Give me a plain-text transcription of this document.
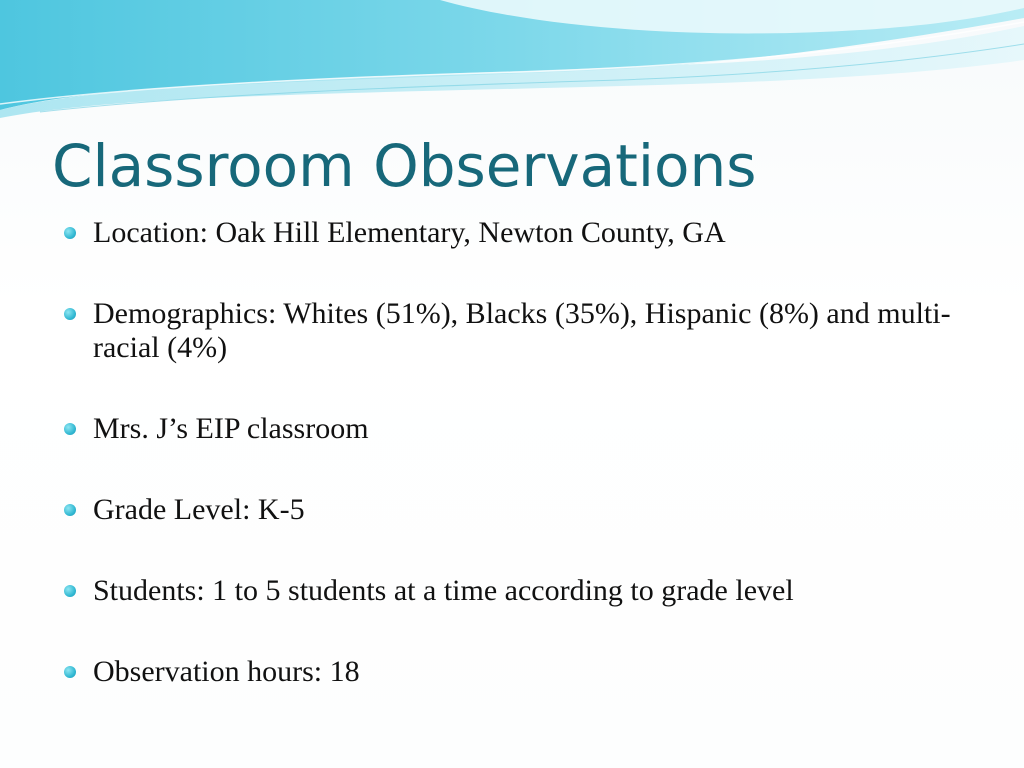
Classroom Observations
Location: Oak Hill Elementary, Newton County, GA
Demographics: Whites (51%), Blacks (35%), Hispanic (8%) and multi-racial (4%)
Mrs. J’s EIP classroom
Grade Level: K-5
Students: 1 to 5 students at a time according to grade level
Observation hours: 18
